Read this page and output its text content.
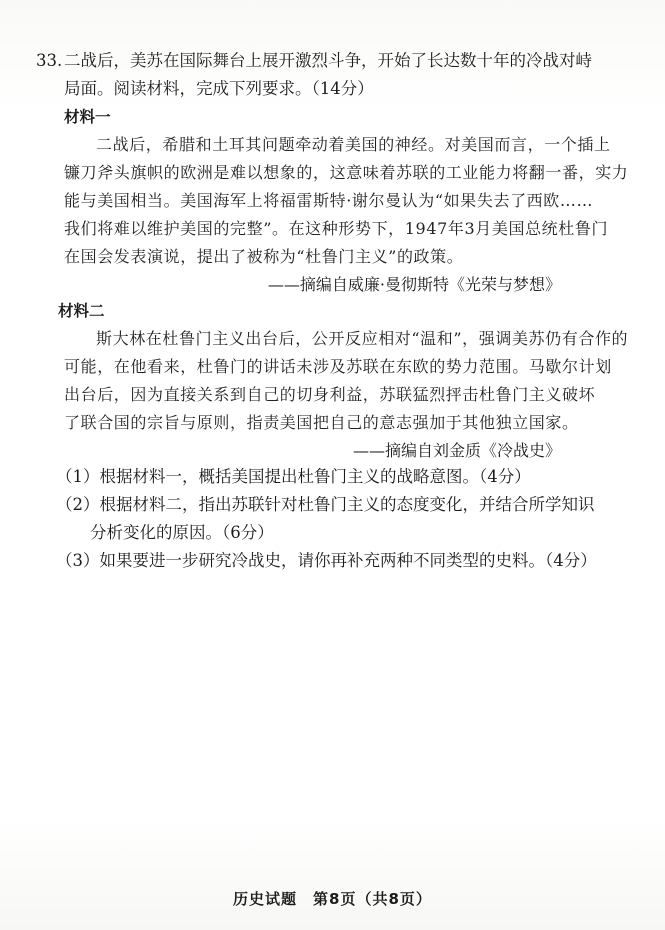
33. 二战后，美苏在国际舞台上展开激烈斗争，开始了长达数十年的冷战对峙
局面。阅读材料，完成下列要求。（14分）
材料一
二战后，希腊和土耳其问题牵动着美国的神经。对美国而言，一个插上
镰刀斧头旗帜的欧洲是难以想象的，这意味着苏联的工业能力将翻一番，实力
能与美国相当。美国海军上将福雷斯特·谢尔曼认为“如果失去了西欧……
我们将难以维护美国的完整”。在这种形势下，1947年3月美国总统杜鲁门
在国会发表演说，提出了被称为“杜鲁门主义”的政策。
——摘编自威廉·曼彻斯特《光荣与梦想》
材料二
斯大林在杜鲁门主义出台后，公开反应相对“温和”，强调美苏仍有合作的
可能，在他看来，杜鲁门的讲话未涉及苏联在东欧的势力范围。马歇尔计划
出台后，因为直接关系到自己的切身利益，苏联猛烈抨击杜鲁门主义破坏
了联合国的宗旨与原则，指责美国把自己的意志强加于其他独立国家。
——摘编自刘金质《冷战史》
（1）根据材料一，概括美国提出杜鲁门主义的战略意图。（4分）
（2）根据材料二，指出苏联针对杜鲁门主义的态度变化，并结合所学知识
分析变化的原因。（6分）
（3）如果要进一步研究冷战史，请你再补充两种不同类型的史料。（4分）
历史试题　第8页（共8页）
